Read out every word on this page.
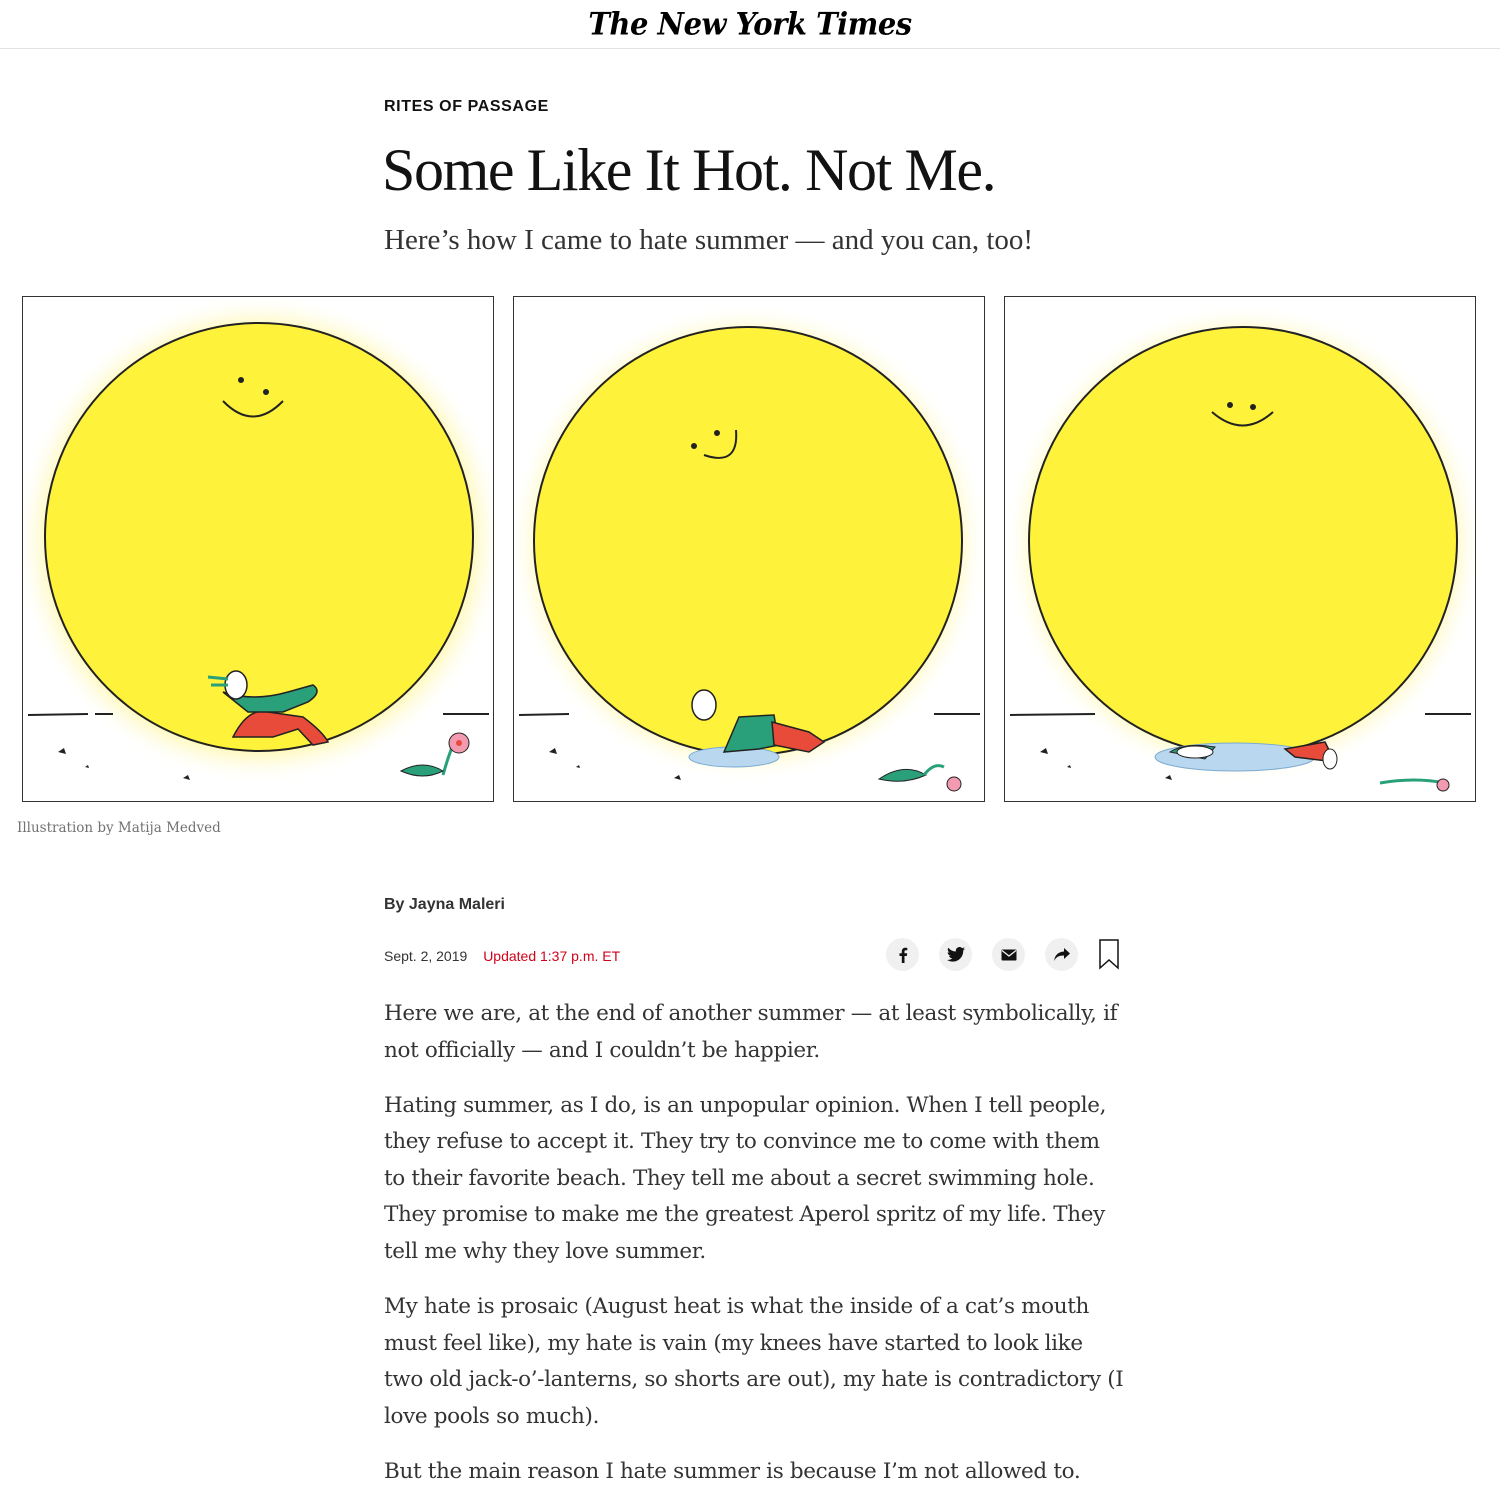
The New York Times
RITES OF PASSAGE
Some Like It Hot. Not Me.

Here’s how I came to hate summer — and you can, too!

Illustration by Matija Medved
By Jayna Maleri
Sept. 2, 2019 Updated 1:37 p.m. ET

Here we are, at the end of another summer — at least symbolically, if not officially — and I couldn’t be happier.

Hating summer, as I do, is an unpopular opinion. When I tell people, they refuse to accept it. They try to convince me to come with them to their favorite beach. They tell me about a secret swimming hole. They promise to make me the greatest Aperol spritz of my life. They tell me why they love summer.

My hate is prosaic (August heat is what the inside of a cat’s mouth must feel like), my hate is vain (my knees have started to look like two old jack-o’-lanterns, so shorts are out), my hate is contradictory (I love pools so much).

But the main reason I hate summer is because I’m not allowed to.
